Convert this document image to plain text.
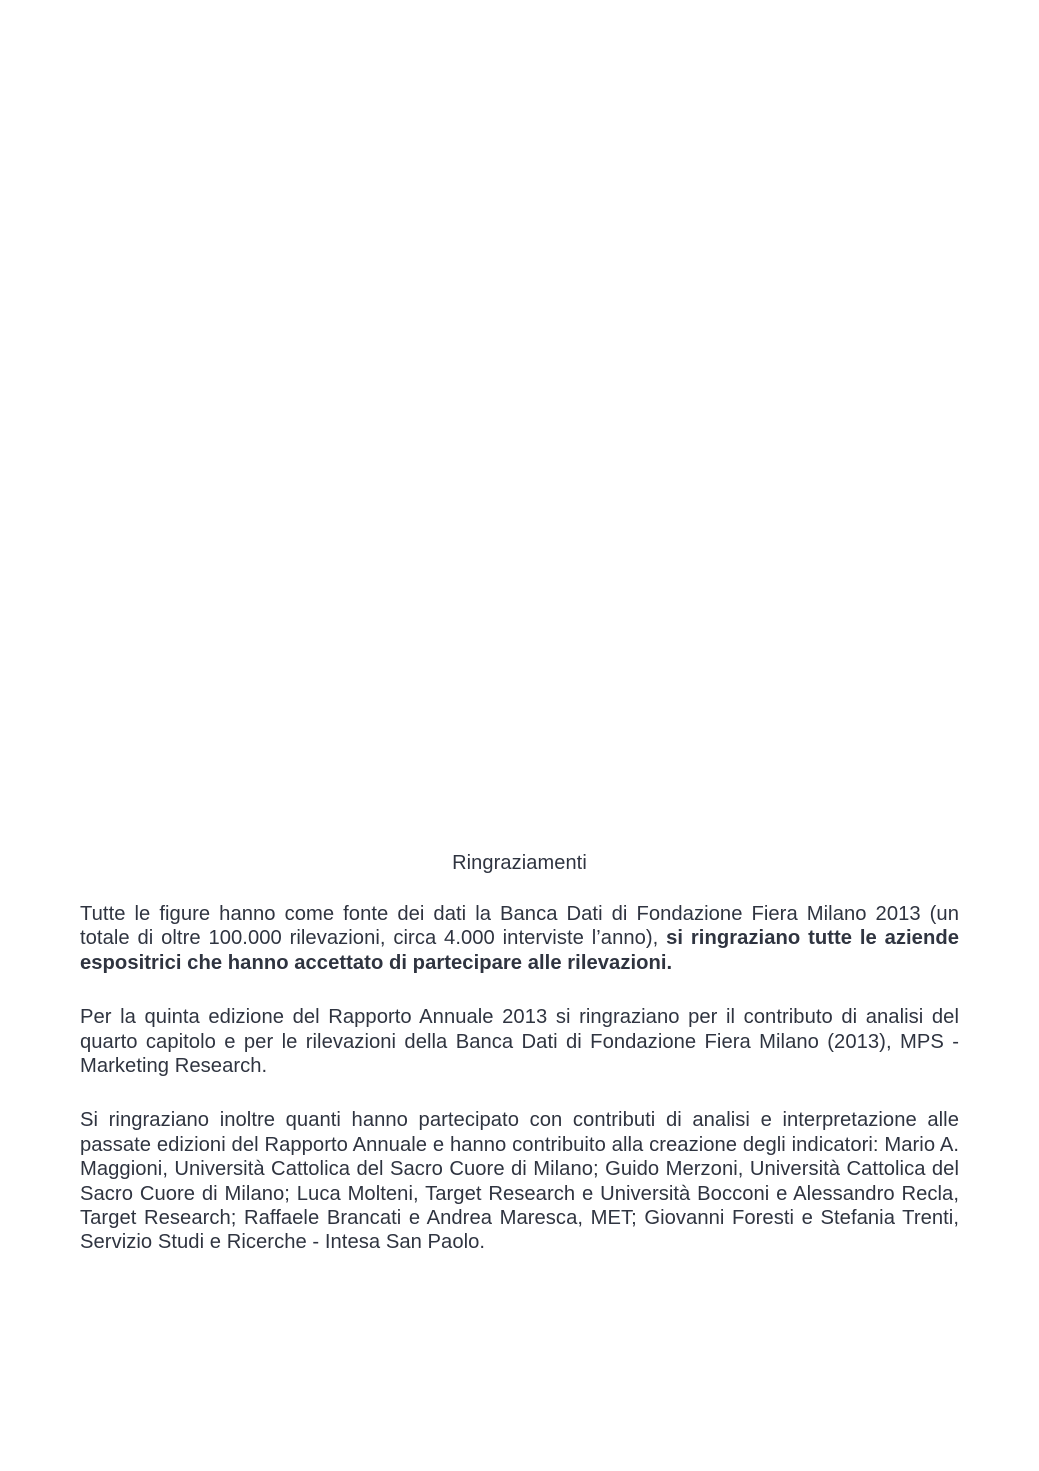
Ringraziamenti

Tutte le figure hanno come fonte dei dati la Banca Dati di Fondazione Fiera Milano 2013 (un totale di oltre 100.000 rilevazioni, circa 4.000 interviste l’anno), si ringraziano tutte le aziende espositrici che hanno accettato di partecipare alle rilevazioni.

Per la quinta edizione del Rapporto Annuale 2013 si ringraziano per il contributo di analisi del quarto capitolo e per le rilevazioni della Banca Dati di Fondazione Fiera Milano (2013), MPS - Marketing Research.

Si ringraziano inoltre quanti hanno partecipato con contributi di analisi e interpretazione alle passate edizioni del Rapporto Annuale e hanno contribuito alla creazione degli indicatori: Mario A. Maggioni, Università Cattolica del Sacro Cuore di Milano; Guido Merzoni, Università Cattolica del Sacro Cuore di Milano; Luca Molteni, Target Research e Università Bocconi e Alessandro Recla, Target Research; Raffaele Brancati e Andrea Maresca, MET; Giovanni Foresti e Stefania Trenti, Servizio Studi e Ricerche - Intesa San Paolo.
